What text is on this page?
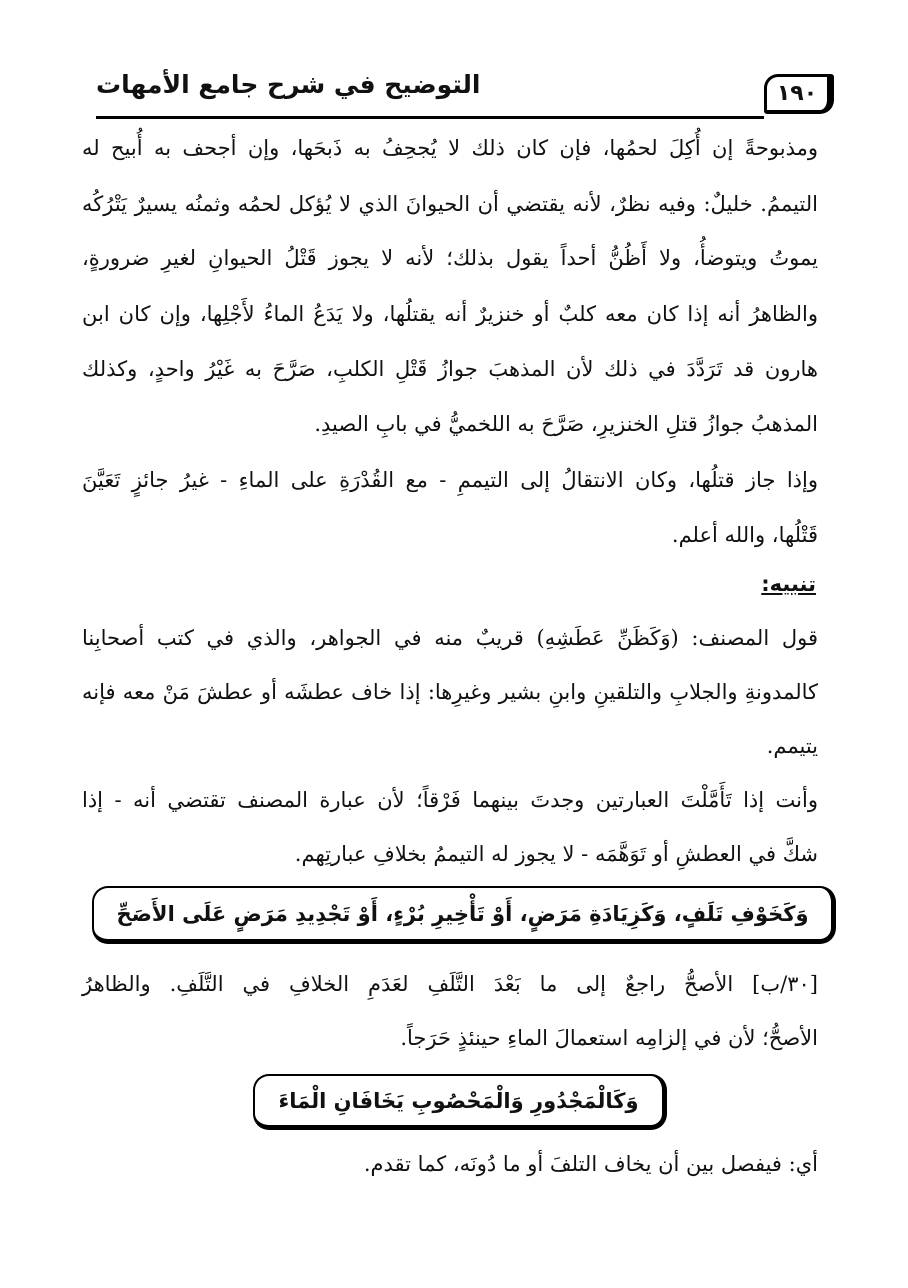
التوضيح في شرح جامع الأمهات	١٩٠
ومذبوحةً إن أُكِلَ لحمُها، فإن كان ذلك لا يُجحِفُ به ذَبحَها، وإن أجحف به أُبيح له
التيممُ. خليلٌ: وفيه نظرٌ، لأنه يقتضي أن الحيوانَ الذي لا يُؤكل لحمُه وثمنُه يسيرٌ يَتْرُكُه
يموتُ ويتوضأُ، ولا أَظُنُّ أحداً يقول بذلك؛ لأنه لا يجوز قَتْلُ الحيوانِ لغيرِ ضرورةٍ،
والظاهرُ أنه إذا كان معه كلبٌ أو خنزيرٌ أنه يقتلُها، ولا يَدَعُ الماءُ لأَجْلِها، وإن كان ابن
هارون قد تَرَدَّدَ في ذلك لأن المذهبَ جوازُ قَتْلِ الكلبِ، صَرَّحَ به غَيْرُ واحدٍ، وكذلك
المذهبُ جوازُ قتلِ الخنزيرِ، صَرَّحَ به اللخميُّ في بابِ الصيدِ.
وإذا جاز قتلُها، وكان الانتقالُ إلى التيممِ - مع القُدْرَةِ على الماءِ - غيرُ جائزٍ تَعَيَّنَ
قَتْلُها، والله أعلم.
تنبيه:
قول المصنف: (وَكَظَنِّ عَطَشِهِ) قريبٌ منه في الجواهر، والذي في كتب أصحابِنا
كالمدونةِ والجلابِ والتلقينِ وابنِ بشير وغيرِها: إذا خاف عطشَه أو عطشَ مَنْ معه فإنه
يتيمم.
وأنت إذا تَأَمَّلْتَ العبارتين وجدتَ بينهما فَرْقاً؛ لأن عبارة المصنف تقتضي أنه - إذا
شكَّ في العطشِ أو تَوَهَّمَه - لا يجوز له التيممُ بخلافِ عبارتِهم.
وَكَخَوْفِ تَلَفٍ، وَكَزِيَادَةِ مَرَضٍ، أَوْ تَأْخِيرِ بُرْءٍ، أَوْ تَجْدِيدِ مَرَضٍ عَلَى الأَصَحِّ
[٣٠/ب] الأصحُّ راجعٌ إلى ما بَعْدَ التَّلَفِ لعَدَمِ الخلافِ في التَّلَفِ. والظاهرُ
الأصحُّ؛ لأن في إلزامِه استعمالَ الماءِ حينئذٍ حَرَجاً.
وَكَالْمَجْدُورِ وَالْمَحْصُوبِ يَخَافَانِ الْمَاءَ
أي: فيفصل بين أن يخاف التلفَ أو ما دُونَه، كما تقدم.
